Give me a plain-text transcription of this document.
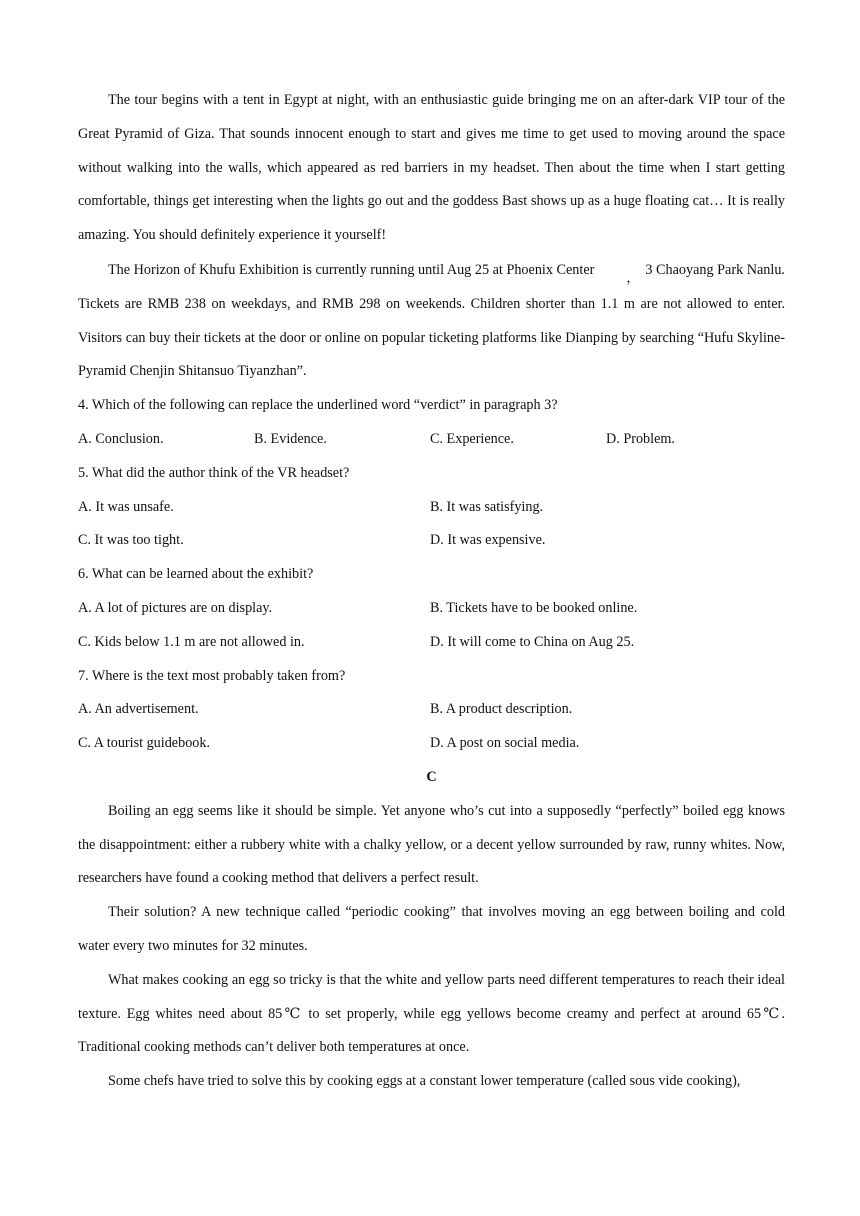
The tour begins with a tent in Egypt at night, with an enthusiastic guide bringing me on an after-dark VIP tour of the Great Pyramid of Giza. That sounds innocent enough to start and gives me time to get used to moving around the space without walking into the walls, which appeared as red barriers in my headset. Then about the time when I start getting comfortable, things get interesting when the lights go out and the goddess Bast shows up as a huge floating cat… It is really amazing. You should definitely experience it yourself!

The Horizon of Khufu Exhibition is currently running until Aug 25 at Phoenix Center ， 3 Chaoyang Park Nanlu. Tickets are RMB 238 on weekdays, and RMB 298 on weekends. Children shorter than 1.1 m are not allowed to enter. Visitors can buy their tickets at the door or online on popular ticketing platforms like Dianping by searching “Hufu Skyline-Pyramid Chenjin Shitansuo Tiyanzhan”.

4. Which of the following can replace the underlined word “verdict” in paragraph 3?

A. Conclusion.	B. Evidence.	C. Experience.	D. Problem.

5. What did the author think of the VR headset?

A. It was unsafe.	B. It was satisfying.
C. It was too tight.	D. It was expensive.

6. What can be learned about the exhibit?

A. A lot of pictures are on display.	B. Tickets have to be booked online.
C. Kids below 1.1 m are not allowed in.	D. It will come to China on Aug 25.

7. Where is the text most probably taken from?

A. An advertisement.	B. A product description.
C. A tourist guidebook.	D. A post on social media.

C

Boiling an egg seems like it should be simple. Yet anyone who’s cut into a supposedly “perfectly” boiled egg knows the disappointment: either a rubbery white with a chalky yellow, or a decent yellow surrounded by raw, runny whites. Now, researchers have found a cooking method that delivers a perfect result.

Their solution? A new technique called “periodic cooking” that involves moving an egg between boiling and cold water every two minutes for 32 minutes.

What makes cooking an egg so tricky is that the white and yellow parts need different temperatures to reach their ideal texture. Egg whites need about 85℃ to set properly, while egg yellows become creamy and perfect at around 65℃. Traditional cooking methods can’t deliver both temperatures at once.

Some chefs have tried to solve this by cooking eggs at a constant lower temperature (called sous vide cooking),
